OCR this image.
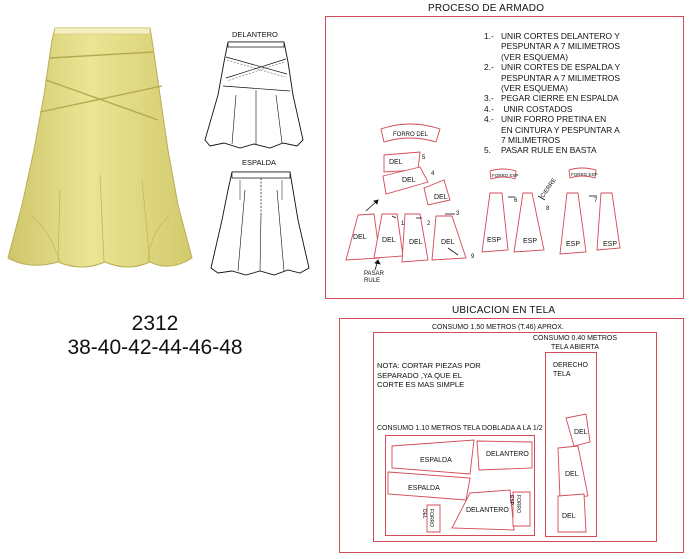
2312
38-40-42-44-46-48
DELANTERO
ESPALDA
PROCESO DE ARMADO
1.- UNIR CORTES DELANTERO Y
PESPUNTAR A 7 MILIMETROS
(VER ESQUEMA)
2.- UNIR CORTES DE ESPALDA Y
PESPUNTAR A 7 MILIMETROS
(VER ESQUEMA)
3.- PEGAR CIERRE EN ESPALDA
4.- UNIR COSTADOS
4.- UNIR FORRO PRETINA EN
EN CINTURA Y PESPUNTAR A
7 MILIMETROS
5.	PASAR RULE EN BASTA
FORRO DEL
DEL
DEL
DEL
DEL DEL DEL	DEL	ESP	ESP	ESP	ESP
FORRO ESP	FORRO ESP
CIERRE
PASAR
RULE
5
4
3
1	2
9
6
8
7
UBICACION EN TELA
CONSUMO 1.50 METROS (T.46) APROX.
CONSUMO 0.40 METROS
TELA ABIERTA
DERECHO
TELA
NOTA: CORTAR PIEZAS POR
SEPARADO ,YA QUE EL
CORTE ES MAS SIMPLE
CONSUMO 1.10 METROS TELA DOBLADA A LA 1/2
ESPALDA
DELANTERO
ESPALDA
DELANTERO	FORRO
ESP
FORRO
DEL
DEL
DEL
DEL
